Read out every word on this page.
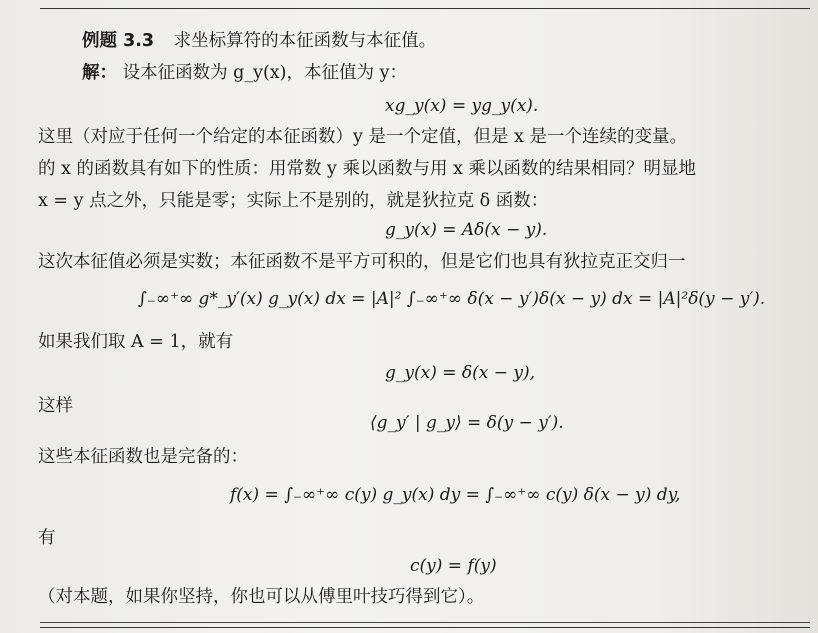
例题 3.3 求坐标算符的本征函数与本征值。
解： 设本征函数为 g_y(x)，本征值为 y：
xg_y(x) = yg_y(x).
这里（对应于任何一个给定的本征函数）y 是一个定值，但是 x 是一个连续的变量。
的 x 的函数具有如下的性质：用常数 y 乘以函数与用 x 乘以函数的结果相同？明显地
x = y 点之外，只能是零；实际上不是别的，就是狄拉克 δ 函数：
g_y(x) = Aδ(x − y).
这次本征值必须是实数；本征函数不是平方可积的，但是它们也具有狄拉克正交归一
∫₋∞⁺∞ g*_y′(x) g_y(x) dx = |A|² ∫₋∞⁺∞ δ(x − y′)δ(x − y) dx = |A|²δ(y − y′).
如果我们取 A = 1，就有
g_y(x) = δ(x − y),
这样
⟨g_y′ | g_y⟩ = δ(y − y′).
这些本征函数也是完备的：
f(x) = ∫₋∞⁺∞ c(y) g_y(x) dy = ∫₋∞⁺∞ c(y) δ(x − y) dy,
有
c(y) = f(y)
（对本题，如果你坚持，你也可以从傅里叶技巧得到它）。
